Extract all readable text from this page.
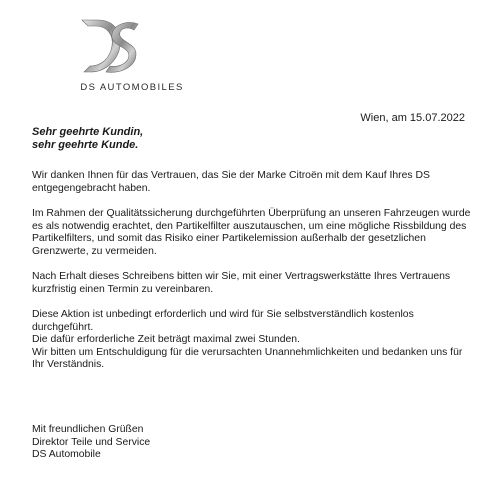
DS AUTOMOBILES
Wien, am 15.07.2022
Sehr geehrte Kundin,
sehr geehrte Kunde.

Wir danken Ihnen für das Vertrauen, das Sie der Marke Citroën mit dem Kauf Ihres DS
entgegengebracht haben.

Im Rahmen der Qualitätssicherung durchgeführten Überprüfung an unseren Fahrzeugen wurde
es als notwendig erachtet, den Partikelfilter auszutauschen, um eine mögliche Rissbildung des
Partikelfilters, und somit das Risiko einer Partikelemission außerhalb der gesetzlichen
Grenzwerte, zu vermeiden.

Nach Erhalt dieses Schreibens bitten wir Sie, mit einer Vertragswerkstätte Ihres Vertrauens
kurzfristig einen Termin zu vereinbaren.

Diese Aktion ist unbedingt erforderlich und wird für Sie selbstverständlich kostenlos
durchgeführt.
Die dafür erforderliche Zeit beträgt maximal zwei Stunden.
Wir bitten um Entschuldigung für die verursachten Unannehmlichkeiten und bedanken uns für
Ihr Verständnis.

Mit freundlichen Grüßen
Direktor Teile und Service
DS Automobile
